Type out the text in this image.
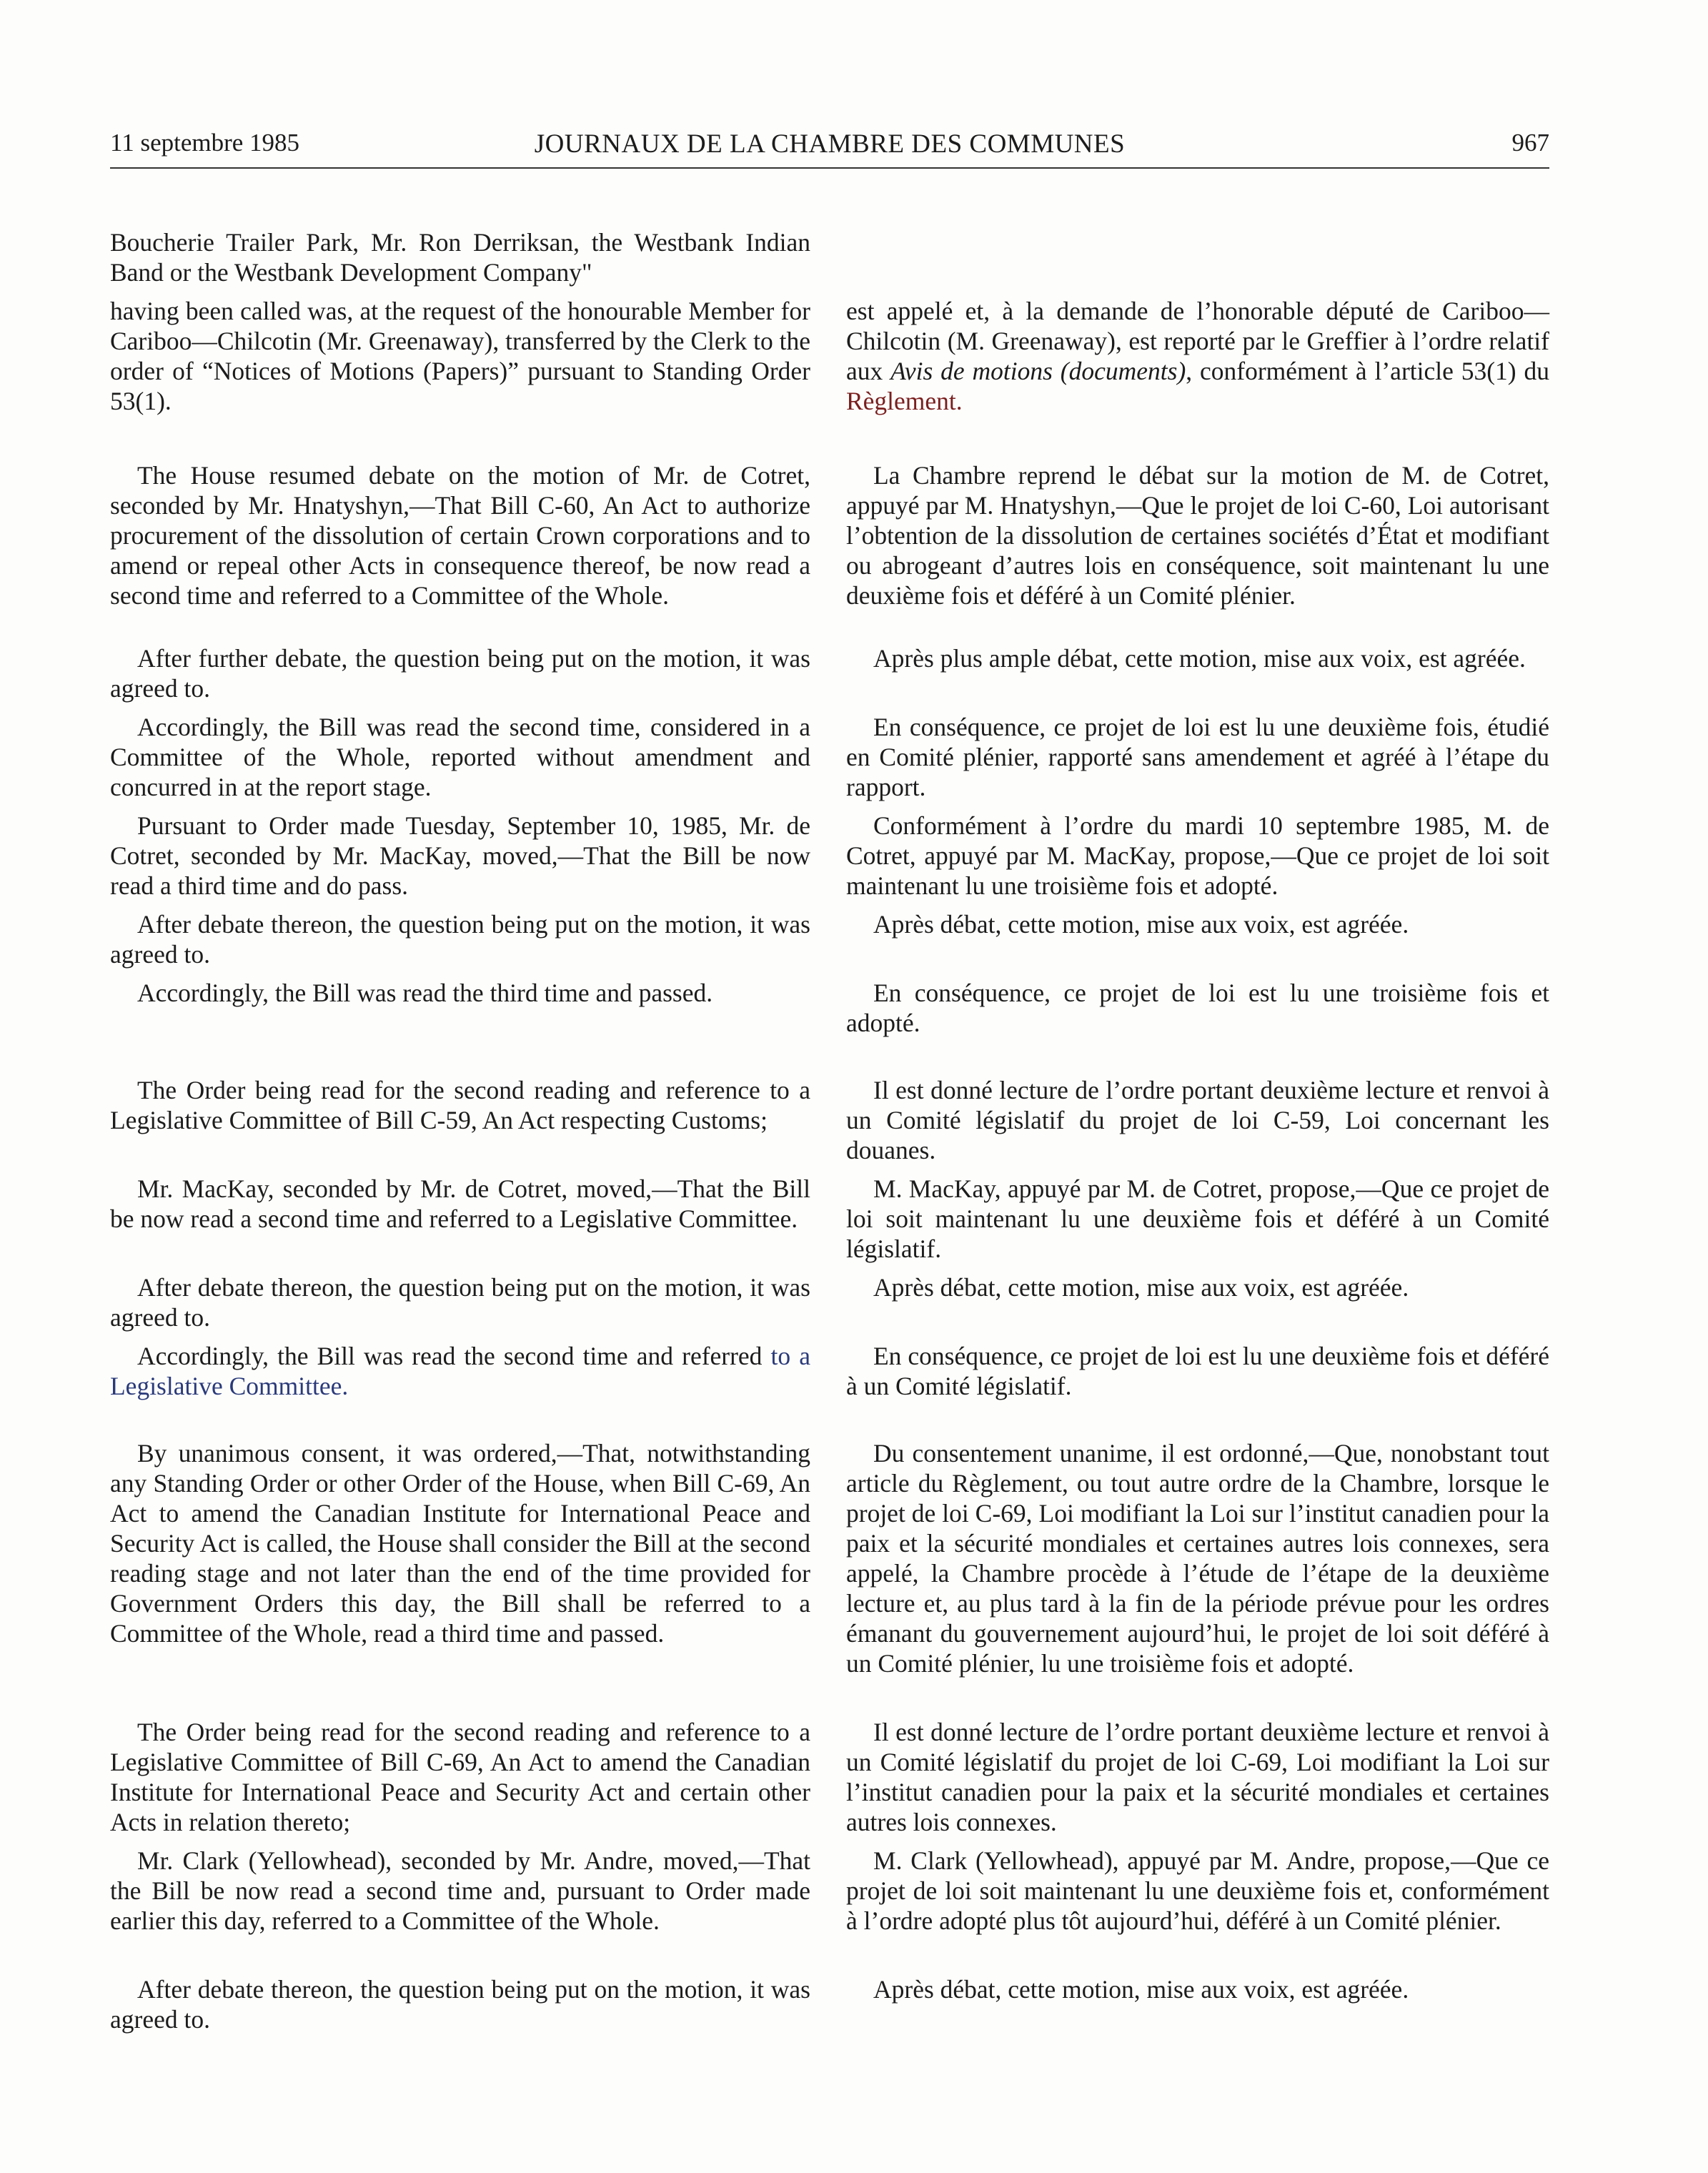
11 septembre 1985	JOURNAUX DE LA CHAMBRE DES COMMUNES	967

Boucherie Trailer Park, Mr. Ron Derriksan, the Westbank Indian Band or the Westbank Development Company"

having been called was, at the request of the honourable Member for Cariboo—Chilcotin (Mr. Greenaway), transferred by the Clerk to the order of “Notices of Motions (Papers)” pursuant to Standing Order 53(1).

The House resumed debate on the motion of Mr. de Cotret, seconded by Mr. Hnatyshyn,—That Bill C-60, An Act to authorize procurement of the dissolution of certain Crown corporations and to amend or repeal other Acts in consequence thereof, be now read a second time and referred to a Committee of the Whole.

After further debate, the question being put on the motion, it was agreed to.

Accordingly, the Bill was read the second time, considered in a Committee of the Whole, reported without amendment and concurred in at the report stage.

Pursuant to Order made Tuesday, September 10, 1985, Mr. de Cotret, seconded by Mr. MacKay, moved,—That the Bill be now read a third time and do pass.

After debate thereon, the question being put on the motion, it was agreed to.

Accordingly, the Bill was read the third time and passed.

The Order being read for the second reading and reference to a Legislative Committee of Bill C-59, An Act respecting Customs;

Mr. MacKay, seconded by Mr. de Cotret, moved,—That the Bill be now read a second time and referred to a Legislative Committee.

After debate thereon, the question being put on the motion, it was agreed to.

Accordingly, the Bill was read the second time and referred to a Legislative Committee.

By unanimous consent, it was ordered,—That, notwithstanding any Standing Order or other Order of the House, when Bill C-69, An Act to amend the Canadian Institute for International Peace and Security Act is called, the House shall consider the Bill at the second reading stage and not later than the end of the time provided for Government Orders this day, the Bill shall be referred to a Committee of the Whole, read a third time and passed.

The Order being read for the second reading and reference to a Legislative Committee of Bill C-69, An Act to amend the Canadian Institute for International Peace and Security Act and certain other Acts in relation thereto;

Mr. Clark (Yellowhead), seconded by Mr. Andre, moved,—That the Bill be now read a second time and, pursuant to Order made earlier this day, referred to a Committee of the Whole.

After debate thereon, the question being put on the motion, it was agreed to.

est appelé et, à la demande de l’honorable député de Cariboo—Chilcotin (M. Greenaway), est reporté par le Greffier à l’ordre relatif aux Avis de motions (documents), conformément à l’article 53(1) du Règlement.

La Chambre reprend le débat sur la motion de M. de Cotret, appuyé par M. Hnatyshyn,—Que le projet de loi C-60, Loi autorisant l’obtention de la dissolution de certaines sociétés d’État et modifiant ou abrogeant d’autres lois en conséquence, soit maintenant lu une deuxième fois et déféré à un Comité plénier.

Après plus ample débat, cette motion, mise aux voix, est agréée.

En conséquence, ce projet de loi est lu une deuxième fois, étudié en Comité plénier, rapporté sans amendement et agréé à l’étape du rapport.

Conformément à l’ordre du mardi 10 septembre 1985, M. de Cotret, appuyé par M. MacKay, propose,—Que ce projet de loi soit maintenant lu une troisième fois et adopté.

Après débat, cette motion, mise aux voix, est agréée.

En conséquence, ce projet de loi est lu une troisième fois et adopté.

Il est donné lecture de l’ordre portant deuxième lecture et renvoi à un Comité législatif du projet de loi C-59, Loi concernant les douanes.

M. MacKay, appuyé par M. de Cotret, propose,—Que ce projet de loi soit maintenant lu une deuxième fois et déféré à un Comité législatif.

Après débat, cette motion, mise aux voix, est agréée.

En conséquence, ce projet de loi est lu une deuxième fois et déféré à un Comité législatif.

Du consentement unanime, il est ordonné,—Que, nonobstant tout article du Règlement, ou tout autre ordre de la Chambre, lorsque le projet de loi C-69, Loi modifiant la Loi sur l’institut canadien pour la paix et la sécurité mondiales et certaines autres lois connexes, sera appelé, la Chambre procède à l’étude de l’étape de la deuxième lecture et, au plus tard à la fin de la période prévue pour les ordres émanant du gouvernement aujourd’hui, le projet de loi soit déféré à un Comité plénier, lu une troisième fois et adopté.

Il est donné lecture de l’ordre portant deuxième lecture et renvoi à un Comité législatif du projet de loi C-69, Loi modifiant la Loi sur l’institut canadien pour la paix et la sécurité mondiales et certaines autres lois connexes.

M. Clark (Yellowhead), appuyé par M. Andre, propose,—Que ce projet de loi soit maintenant lu une deuxième fois et, conformément à l’ordre adopté plus tôt aujourd’hui, déféré à un Comité plénier.

Après débat, cette motion, mise aux voix, est agréée.
